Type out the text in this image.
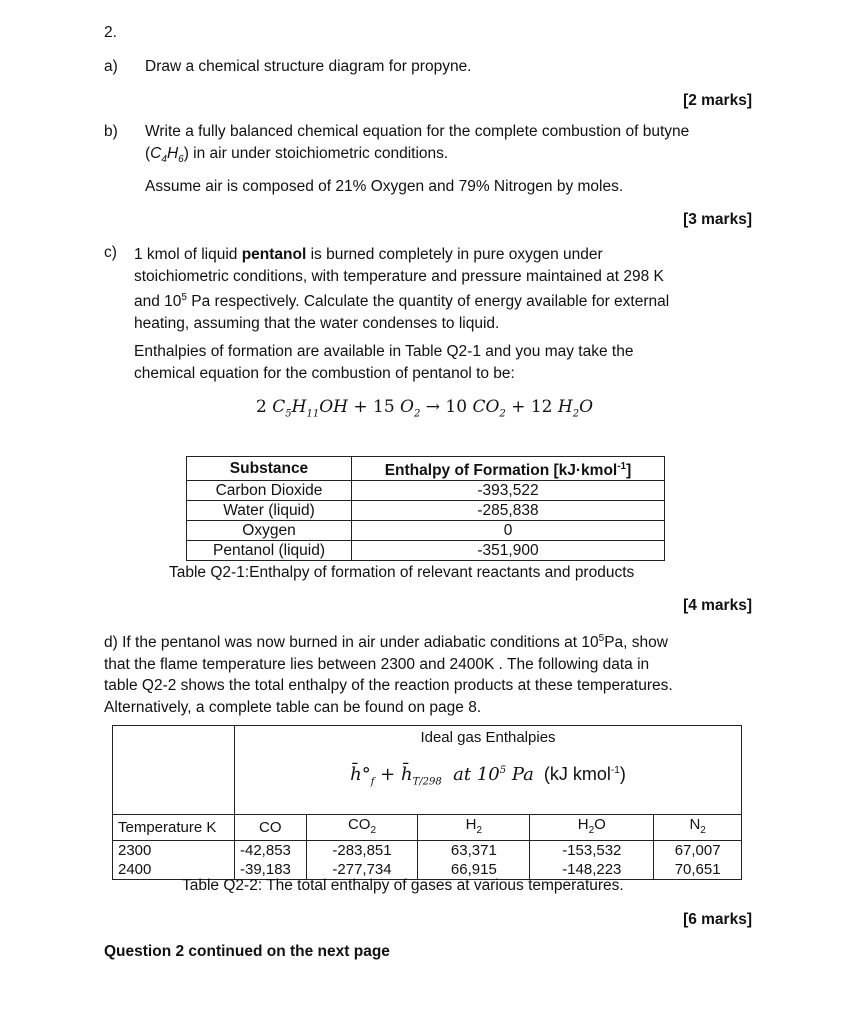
2.
a) Draw a chemical structure diagram for propyne.
[2 marks]
b) Write a fully balanced chemical equation for the complete combustion of butyne
$(C_4H_6)$ in air under stoichiometric conditions.
Assume air is composed of 21% Oxygen and 79% Nitrogen by moles.
[3 marks]
c) 1 kmol of liquid pentanol is burned completely in pure oxygen under
stoichiometric conditions, with temperature and pressure maintained at 298 K
and $10^5$ Pa respectively. Calculate the quantity of energy available for external
heating, assuming that the water condenses to liquid.
Enthalpies of formation are available in Table Q2-1 and you may take the
chemical equation for the combustion of pentanol to be:
2 $C_5H_{11}OH + 15$ $O_2 \to 10$ $CO_2 + 12$ $H_2O$
Substance	Enthalpy of Formation [kJ·kmol$^{-1}$]
Carbon Dioxide	-393,522
Water (liquid)	-285,838
Oxygen	0
Pentanol (liquid)	-351,900
Table Q2-1:Enthalpy of formation of relevant reactants and products
[4 marks]
d) If the pentanol was now burned in air under adiabatic conditions at $10^5Pa$, show
that the flame temperature lies between 2300 and 2400K . The following data in
table Q2-2 shows the total enthalpy of the reaction products at these temperatures.
Alternatively, a complete table can be found on page 8.

	Ideal gas Enthalpies
$h̄^\circ_f$ + $h̄_{T/298}$  at $10^5$ Pa  (kJ kmol$^{-1}$)				

Temperature K	CO	$CO_2$	$H_2$	$H_2O$	$N_2$
2300	-42,853	-283,851	63,371	-153,532	67,007
2400	-39,183	-277,734	66,915	-148,223	70,651
Table Q2-2: The total enthalpy of gases at various temperatures.
[6 marks]
Question 2 continued on the next page
